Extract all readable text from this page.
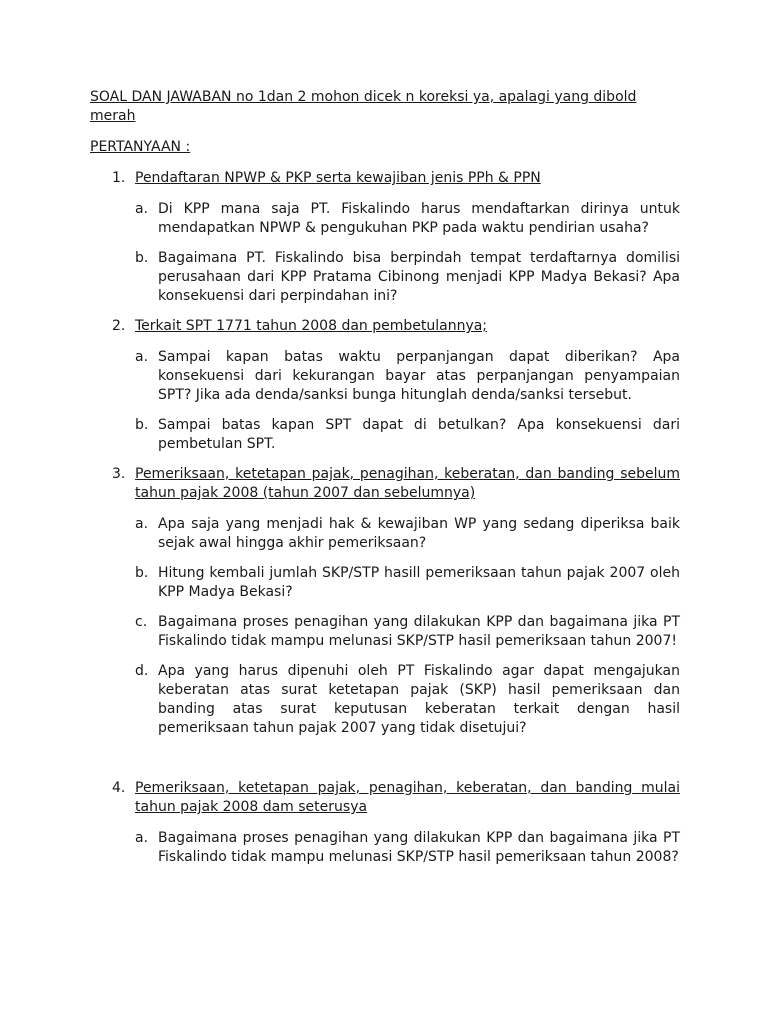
SOAL DAN JAWABAN no 1dan 2 mohon dicek n koreksi ya, apalagi yang dibold merah
PERTANYAAN :
1. Pendaftaran NPWP & PKP serta kewajiban jenis PPh & PPN
a. Di KPP mana saja PT. Fiskalindo harus mendaftarkan dirinya untuk mendapatkan NPWP & pengukuhan PKP pada waktu pendirian usaha?
b. Bagaimana PT. Fiskalindo bisa berpindah tempat terdaftarnya domilisi perusahaan dari KPP Pratama Cibinong menjadi KPP Madya Bekasi? Apa konsekuensi dari perpindahan ini?
2. Terkait SPT 1771 tahun 2008 dan pembetulannya;
a. Sampai kapan batas waktu perpanjangan dapat diberikan? Apa konsekuensi dari kekurangan bayar atas perpanjangan penyampaian SPT? Jika ada denda/sanksi bunga hitunglah denda/sanksi tersebut.
b. Sampai batas kapan SPT dapat di betulkan? Apa konsekuensi dari pembetulan SPT.
3. Pemeriksaan, ketetapan pajak, penagihan, keberatan, dan banding sebelum tahun pajak 2008 (tahun 2007 dan sebelumnya)
a. Apa saja yang menjadi hak & kewajiban WP yang sedang diperiksa baik sejak awal hingga akhir pemeriksaan?
b. Hitung kembali jumlah SKP/STP hasill pemeriksaan tahun pajak 2007 oleh KPP Madya Bekasi?
c. Bagaimana proses penagihan yang dilakukan KPP dan bagaimana jika PT Fiskalindo tidak mampu melunasi SKP/STP hasil pemeriksaan tahun 2007!
d. Apa yang harus dipenuhi oleh PT Fiskalindo agar dapat mengajukan keberatan atas surat ketetapan pajak (SKP) hasil pemeriksaan dan banding atas surat keputusan keberatan terkait dengan hasil pemeriksaan tahun pajak 2007 yang tidak disetujui?
4. Pemeriksaan, ketetapan pajak, penagihan, keberatan, dan banding mulai tahun pajak 2008 dam seterusya
a. Bagaimana proses penagihan yang dilakukan KPP dan bagaimana jika PT Fiskalindo tidak mampu melunasi SKP/STP hasil pemeriksaan tahun 2008?
